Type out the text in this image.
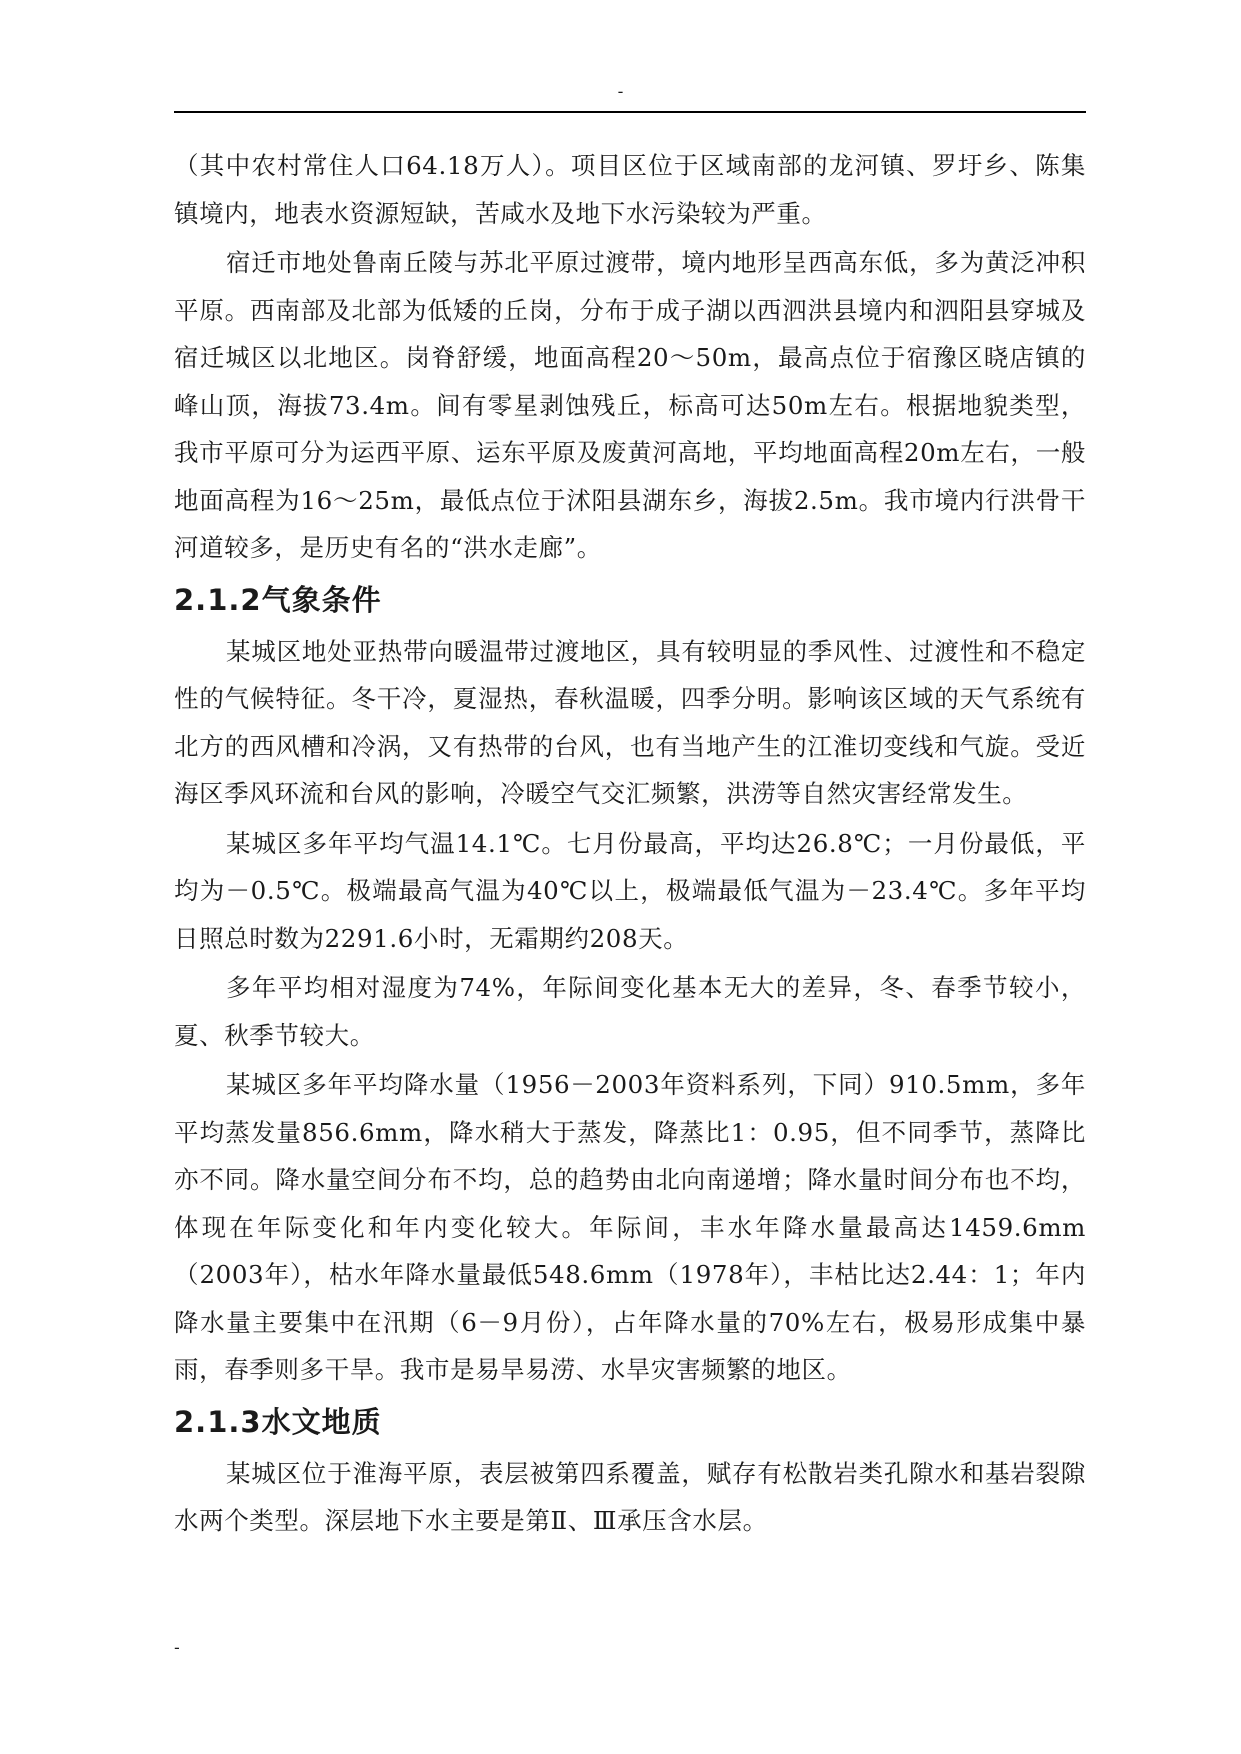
-

（其中农村常住人口64.18万人）。项目区位于区域南部的龙河镇、罗圩乡、陈集镇境内，地表水资源短缺，苦咸水及地下水污染较为严重。

宿迁市地处鲁南丘陵与苏北平原过渡带，境内地形呈西高东低，多为黄泛冲积平原。西南部及北部为低矮的丘岗，分布于成子湖以西泗洪县境内和泗阳县穿城及宿迁城区以北地区。岗脊舒缓，地面高程20～50m，最高点位于宿豫区晓店镇的峰山顶，海拔73.4m。间有零星剥蚀残丘，标高可达50m左右。根据地貌类型，我市平原可分为运西平原、运东平原及废黄河高地，平均地面高程20m左右，一般地面高程为16～25m，最低点位于沭阳县湖东乡，海拔2.5m。我市境内行洪骨干河道较多，是历史有名的“洪水走廊”。

2.1.2气象条件

某城区地处亚热带向暖温带过渡地区，具有较明显的季风性、过渡性和不稳定性的气候特征。冬干冷，夏湿热，春秋温暖，四季分明。影响该区域的天气系统有北方的西风槽和冷涡，又有热带的台风，也有当地产生的江淮切变线和气旋。受近海区季风环流和台风的影响，冷暖空气交汇频繁，洪涝等自然灾害经常发生。

某城区多年平均气温14.1℃。七月份最高，平均达26.8℃；一月份最低，平均为－0.5℃。极端最高气温为40℃以上，极端最低气温为－23.4℃。多年平均日照总时数为2291.6小时，无霜期约208天。

多年平均相对湿度为74%，年际间变化基本无大的差异，冬、春季节较小，夏、秋季节较大。

某城区多年平均降水量（1956－2003年资料系列，下同）910.5mm，多年平均蒸发量856.6mm，降水稍大于蒸发，降蒸比1：0.95，但不同季节，蒸降比亦不同。降水量空间分布不均，总的趋势由北向南递增；降水量时间分布也不均，体现在年际变化和年内变化较大。年际间，丰水年降水量最高达1459.6mm（2003年），枯水年降水量最低548.6mm（1978年），丰枯比达2.44：1；年内降水量主要集中在汛期（6－9月份），占年降水量的70%左右，极易形成集中暴雨，春季则多干旱。我市是易旱易涝、水旱灾害频繁的地区。

2.1.3水文地质

某城区位于淮海平原，表层被第四系覆盖，赋存有松散岩类孔隙水和基岩裂隙水两个类型。深层地下水主要是第Ⅱ、Ⅲ承压含水层。

-
